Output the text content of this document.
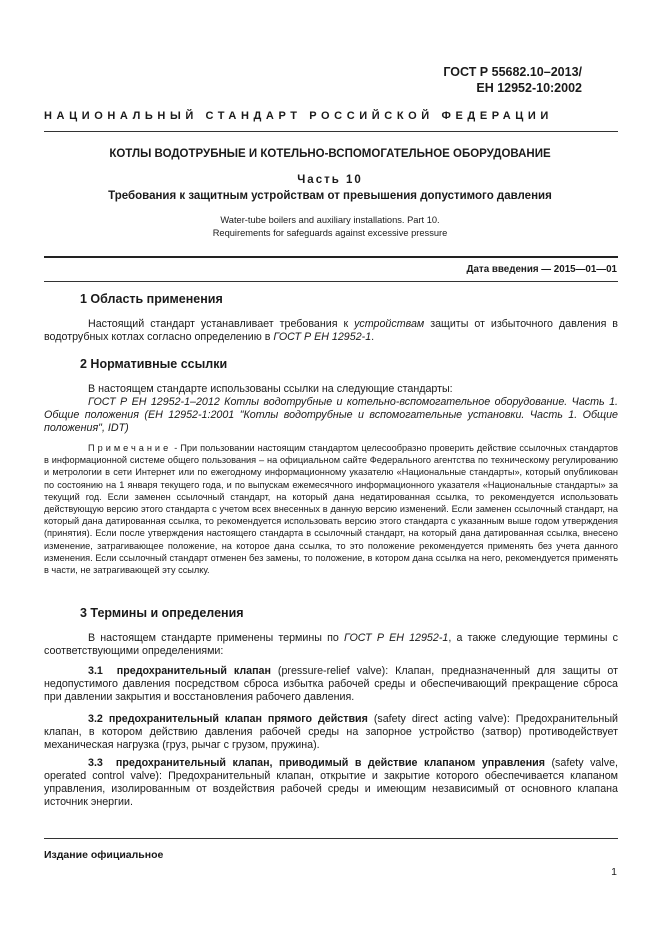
ГОСТ Р 55682.10–2013/
ЕН 12952-10:2002
НАЦИОНАЛЬНЫЙ СТАНДАРТ РОССИЙСКОЙ ФЕДЕРАЦИИ
КОТЛЫ ВОДОТРУБНЫЕ И КОТЕЛЬНО-ВСПОМОГАТЕЛЬНОЕ ОБОРУДОВАНИЕ
Часть 10
Требования к защитным устройствам от превышения допустимого давления
Water-tube boilers and auxiliary installations. Part 10.
Requirements for safeguards against excessive pressure
Дата введения — 2015—01—01
1 Область применения
Настоящий стандарт устанавливает требования к устройствам защиты от избыточного давления в водотрубных котлах согласно определению в ГОСТ Р ЕН 12952-1.
2 Нормативные ссылки
В настоящем стандарте использованы ссылки на следующие стандарты:
ГОСТ Р ЕН 12952-1–2012 Котлы водотрубные и котельно-вспомогательное оборудование. Часть 1. Общие положения (ЕН 12952-1:2001 "Котлы водотрубные и вспомогательные установки. Часть 1. Общие положения", IDT)
Примечание - При пользовании настоящим стандартом целесообразно проверить действие ссылочных стандартов в информационной системе общего пользования – на официальном сайте Федерального агентства по техническому регулированию и метрологии в сети Интернет или по ежегодному информационному указателю «Национальные стандарты», который опубликован по состоянию на 1 января текущего года, и по выпускам ежемесячного информационного указателя «Национальные стандарты» за текущий год. Если заменен ссылочный стандарт, на который дана недатированная ссылка, то рекомендуется использовать действующую версию этого стандарта с учетом всех внесенных в данную версию изменений. Если заменен ссылочный стандарт, на который дана датированная ссылка, то рекомендуется использовать версию этого стандарта с указанным выше годом утверждения (принятия). Если после утверждения настоящего стандарта в ссылочный стандарт, на который дана датированная ссылка, внесено изменение, затрагивающее положение, на которое дана ссылка, то это положение рекомендуется применять без учета данного изменения. Если ссылочный стандарт отменен без замены, то положение, в котором дана ссылка на него, рекомендуется применять в части, не затрагивающей эту ссылку.
3 Термины и определения
В настоящем стандарте применены термины по ГОСТ Р ЕН 12952-1, а также следующие термины с соответствующими определениями:
3.1 предохранительный клапан (pressure-relief valve): Клапан, предназначенный для защиты от недопустимого давления посредством сброса избытка рабочей среды и обеспечивающий прекращение сброса при давлении закрытия и восстановления рабочего давления.
3.2 предохранительный клапан прямого действия (safety direct acting valve): Предохранительный клапан, в котором действию давления рабочей среды на запорное устройство (затвор) противодействует механическая нагрузка (груз, рычаг с грузом, пружина).
3.3 предохранительный клапан, приводимый в действие клапаном управления (safety valve, operated control valve): Предохранительный клапан, открытие и закрытие которого обеспечивается клапаном управления, изолированным от воздействия рабочей среды и имеющим независимый от основного клапана источник энергии.
Издание официальное
1
